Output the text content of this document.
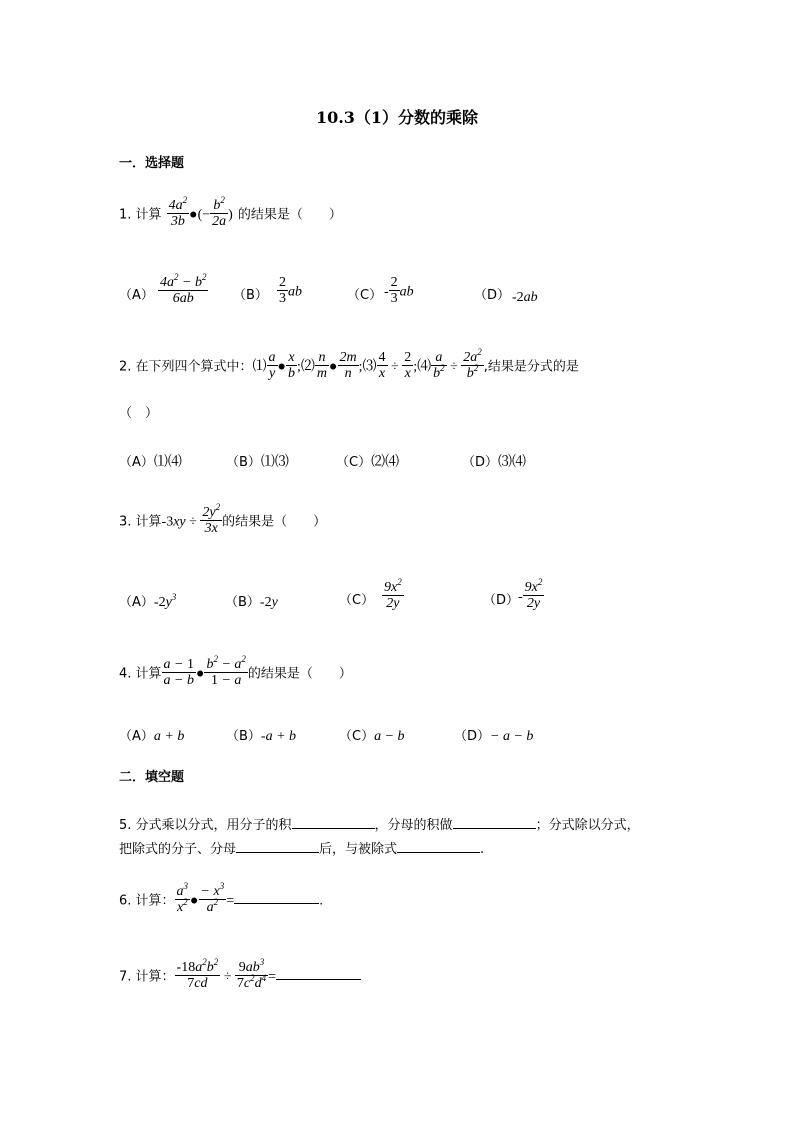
10.3（1）分数的乘除
一．选择题
1. 计算 $\frac{4a^2}{3b}$ ●(− $\frac{b^2}{2a}$ ) 的结果是（　　）
$(A) \frac{4a^2 - b^2}{6ab} (B) \frac{2}{3}$ ab	$(C) - \frac{2}{3}$ ab	（D） -2ab
2. 在下列四个算式中：⑴ $\frac{a}{y}$ ● $\frac{x}{b}$ ;⑵ $\frac{n}{m}$ ● $\frac{2m}{n}$ ;⑶ $\frac{4}{x} \div \frac{2}{x}$ ;⑷ $\frac{a}{b^2} \div \frac{2a^2}{b^2}$ ,结果是分式的是
（　）
（A）⑴⑷	（B）⑴⑶	（C）⑵⑷	（D）⑶⑷
3. 计算$-3xy \div \frac{2y^2}{3x}$ 的结果是（　　）
$(A)-2y^3$	（B）-2y	$(C) \frac{9x^2}{2y}$	（D）
- $\frac{9x^2}{2y}$
4. 计算 $\frac{a - 1}{a - b}$ ● $\frac{b^2 - a^2}{1 - a}$ 的结果是（　　）
（A）a + b	（B）-a + b	（C）a − b	（D）− a − b
二．填空题
5. 分式乘以分式，用分子的积	，分母的积做	；分式除以分式，
把除式的分子、分母	后，与被除式	.
6. 计算： $\frac{a^3}{x^2}$ ● $\frac{- x^3}{a^2}$ =	.
7. 计算： $\frac{-18a^2b^2}{7cd} \div \frac{9ab^3}{7c^2d^4}$ =
